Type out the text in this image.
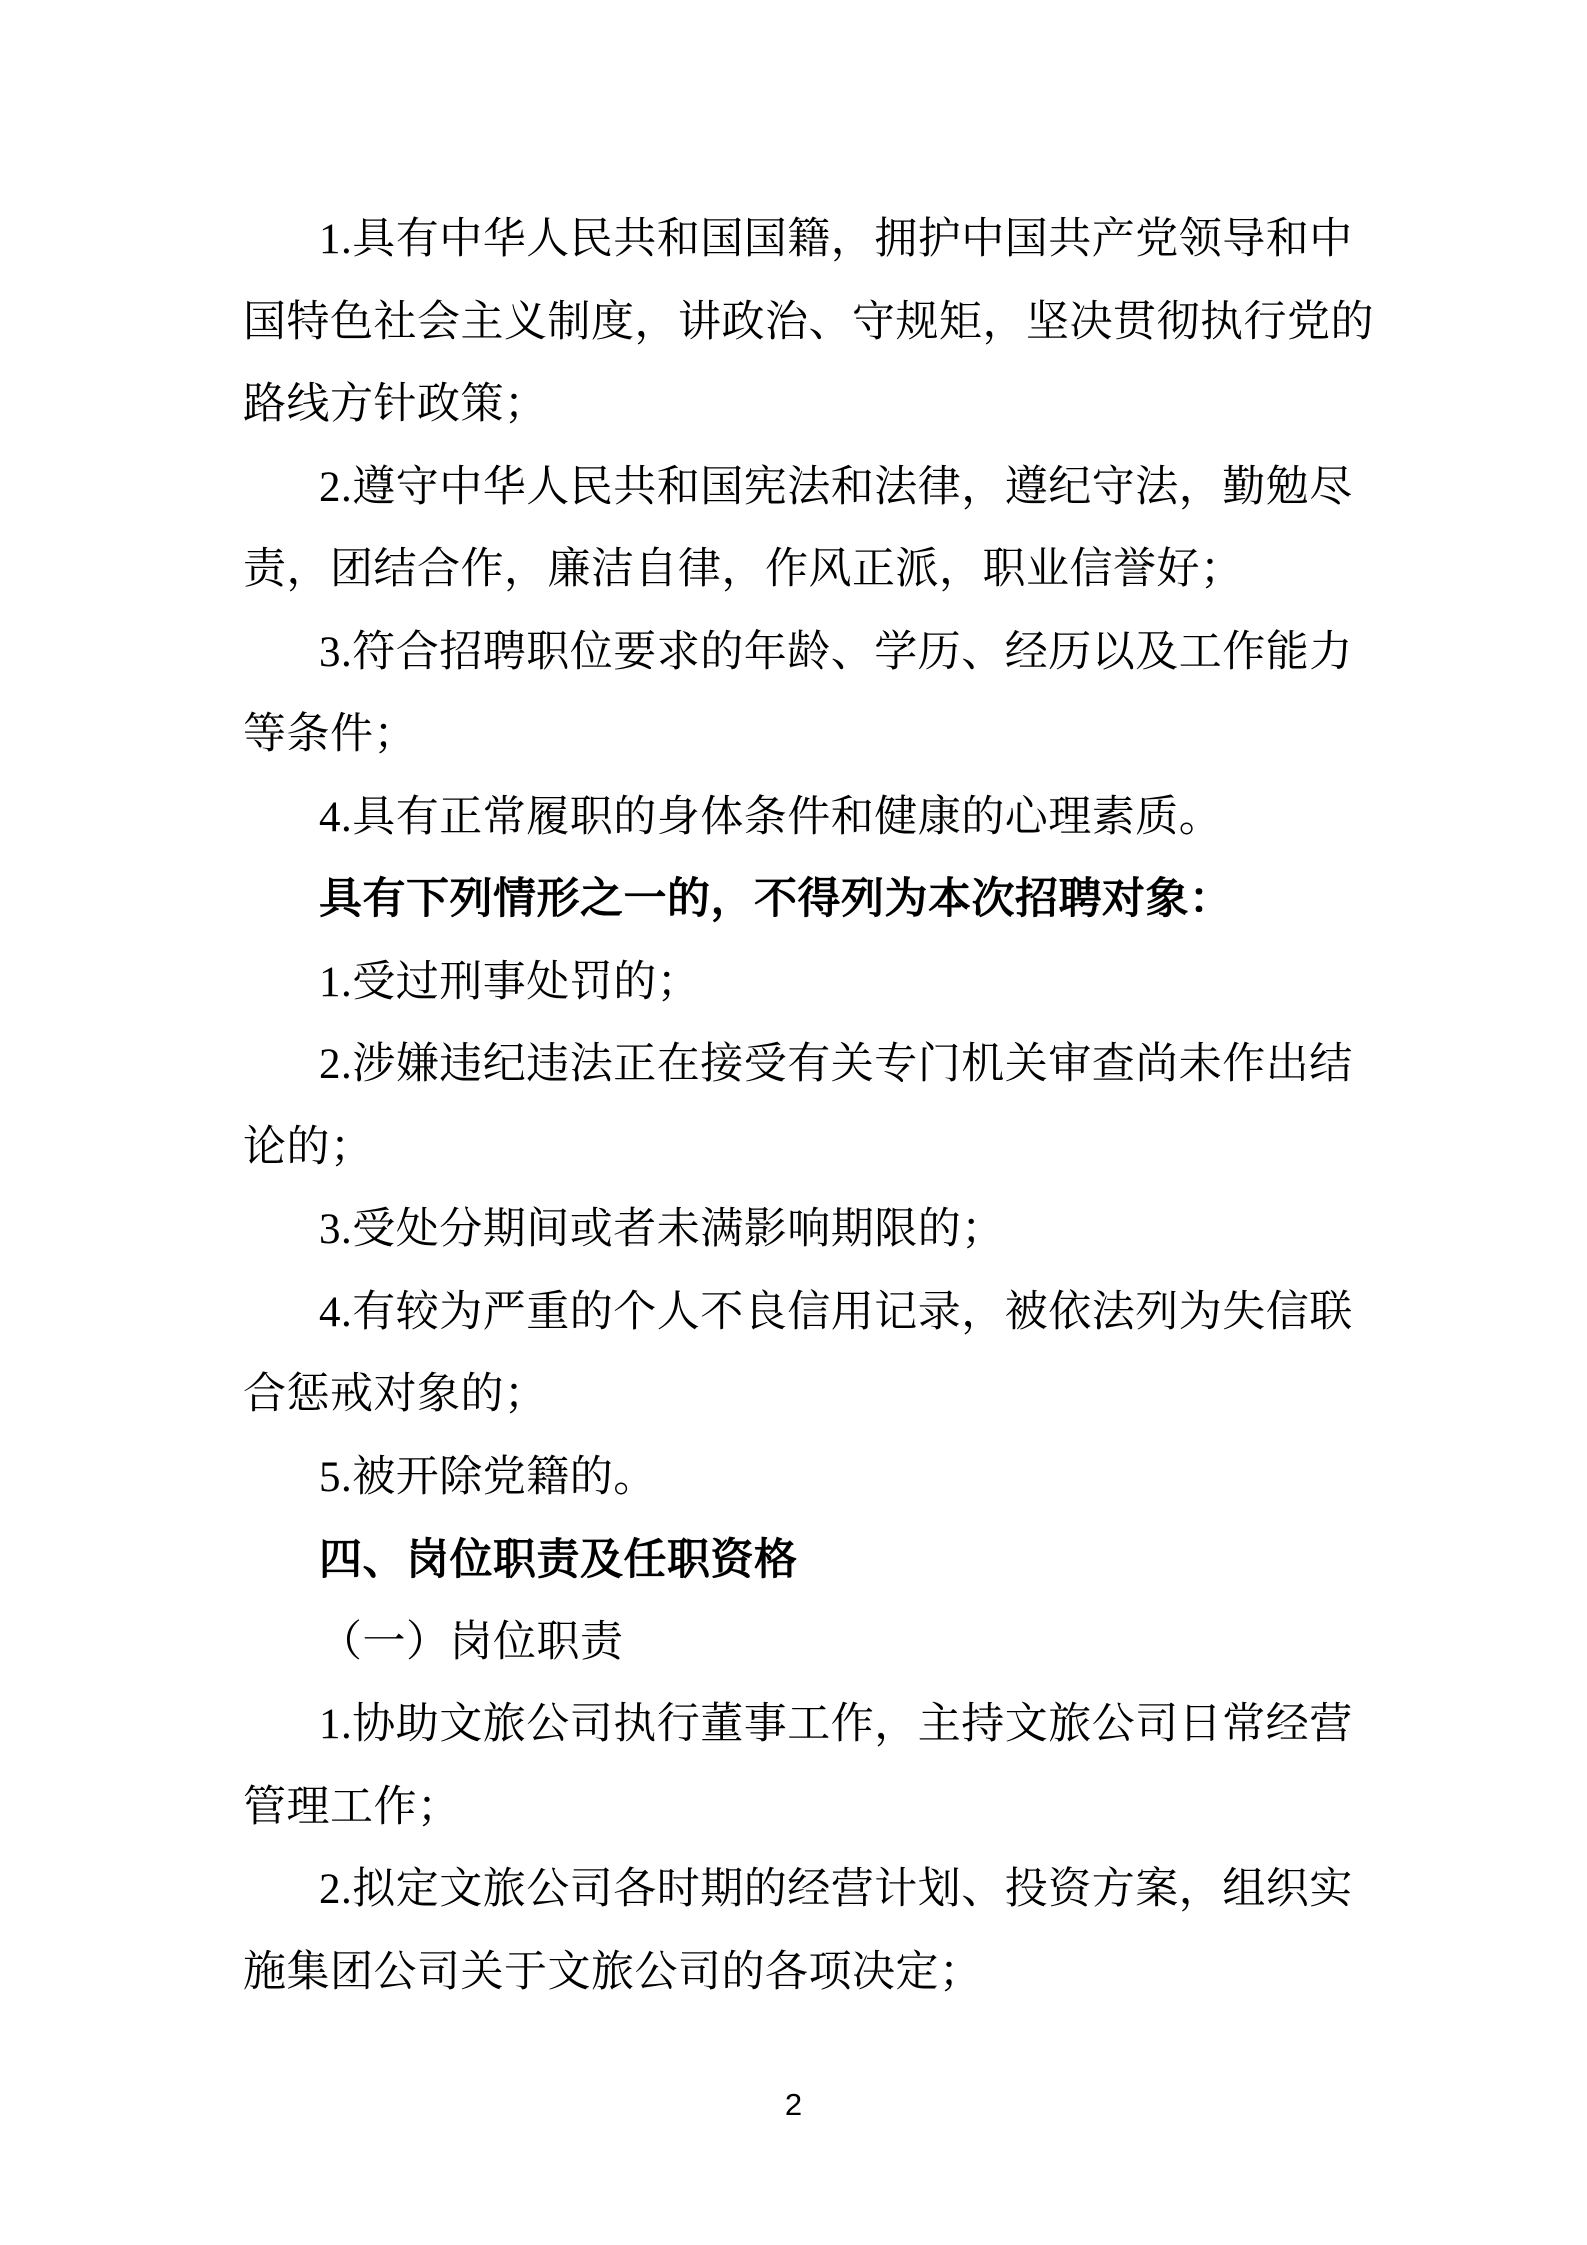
1.具有中华人民共和国国籍，拥护中国共产党领导和中
国特色社会主义制度，讲政治、守规矩，坚决贯彻执行党的
路线方针政策；
2.遵守中华人民共和国宪法和法律，遵纪守法，勤勉尽
责，团结合作，廉洁自律，作风正派，职业信誉好；
3.符合招聘职位要求的年龄、学历、经历以及工作能力
等条件；
4.具有正常履职的身体条件和健康的心理素质。
具有下列情形之一的，不得列为本次招聘对象：
1.受过刑事处罚的；
2.涉嫌违纪违法正在接受有关专门机关审查尚未作出结
论的；
3.受处分期间或者未满影响期限的；
4.有较为严重的个人不良信用记录，被依法列为失信联
合惩戒对象的；
5.被开除党籍的。
四、岗位职责及任职资格
（一）岗位职责
1.协助文旅公司执行董事工作，主持文旅公司日常经营
管理工作；
2.拟定文旅公司各时期的经营计划、投资方案，组织实
施集团公司关于文旅公司的各项决定；
2
